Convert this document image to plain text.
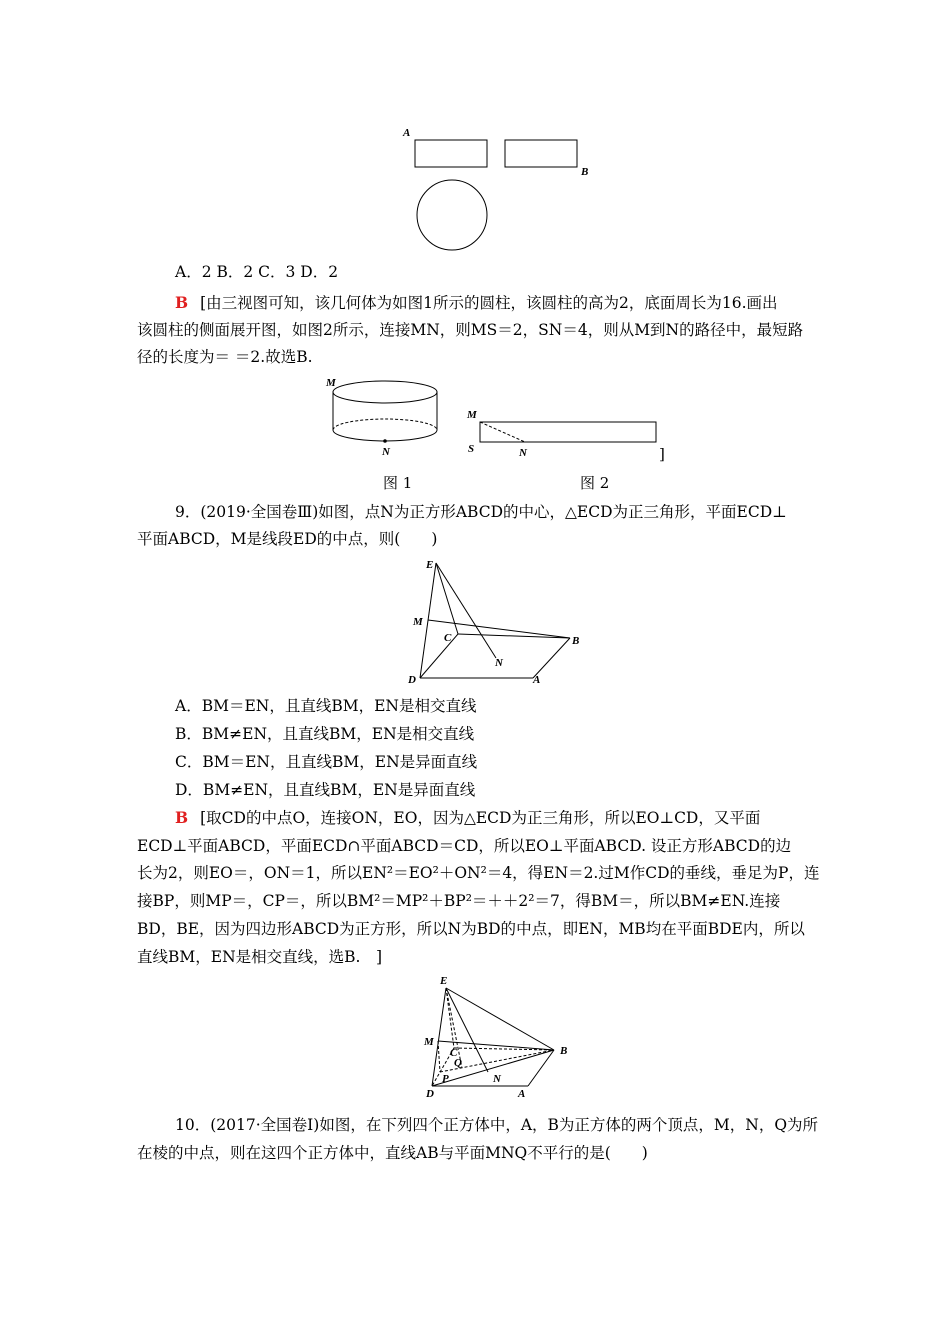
A
B
A．2 B．2 C．3 D．2
B [由三视图可知，该几何体为如图1所示的圆柱，该圆柱的高为2，底面周长为16.画出
该圆柱的侧面展开图，如图2所示，连接MN，则MS＝2，SN＝4，则从M到N的路径中，最短路
径的长度为＝ ＝2.故选B.
M
N
M
S	N	]
图 1	图 2
9．(2019·全国卷Ⅲ)如图，点N为正方形ABCD的中心，△ECD为正三角形，平面ECD⊥
平面ABCD，M是线段ED的中点，则(　　)
E
M
C	B
N
D	A
A．BM＝EN，且直线BM，EN是相交直线
B．BM≠EN，且直线BM，EN是相交直线
C．BM＝EN，且直线BM，EN是异面直线
D．BM≠EN，且直线BM，EN是异面直线
B [取CD的中点O，连接ON，EO，因为△ECD为正三角形，所以EO⊥CD，又平面
ECD⊥平面ABCD，平面ECD∩平面ABCD＝CD，所以EO⊥平面ABCD. 设正方形ABCD的边
长为2，则EO＝，ON＝1，所以EN²＝EO²＋ON²＝4，得EN＝2.过M作CD的垂线，垂足为P，连
接BP，则MP＝，CP＝，所以BM²＝MP²＋BP²＝＋＋2²＝7，得BM＝，所以BM≠EN.连接
BD，BE，因为四边形ABCD为正方形，所以N为BD的中点，即EN，MB均在平面BDE内，所以
直线BM，EN是相交直线，选B.　]
E
M
C
Q
P	N
B
D	A
10．(2017·全国卷Ⅰ)如图，在下列四个正方体中，A，B为正方体的两个顶点，M，N，Q为所
在棱的中点，则在这四个正方体中，直线AB与平面MNQ不平行的是(　　)
